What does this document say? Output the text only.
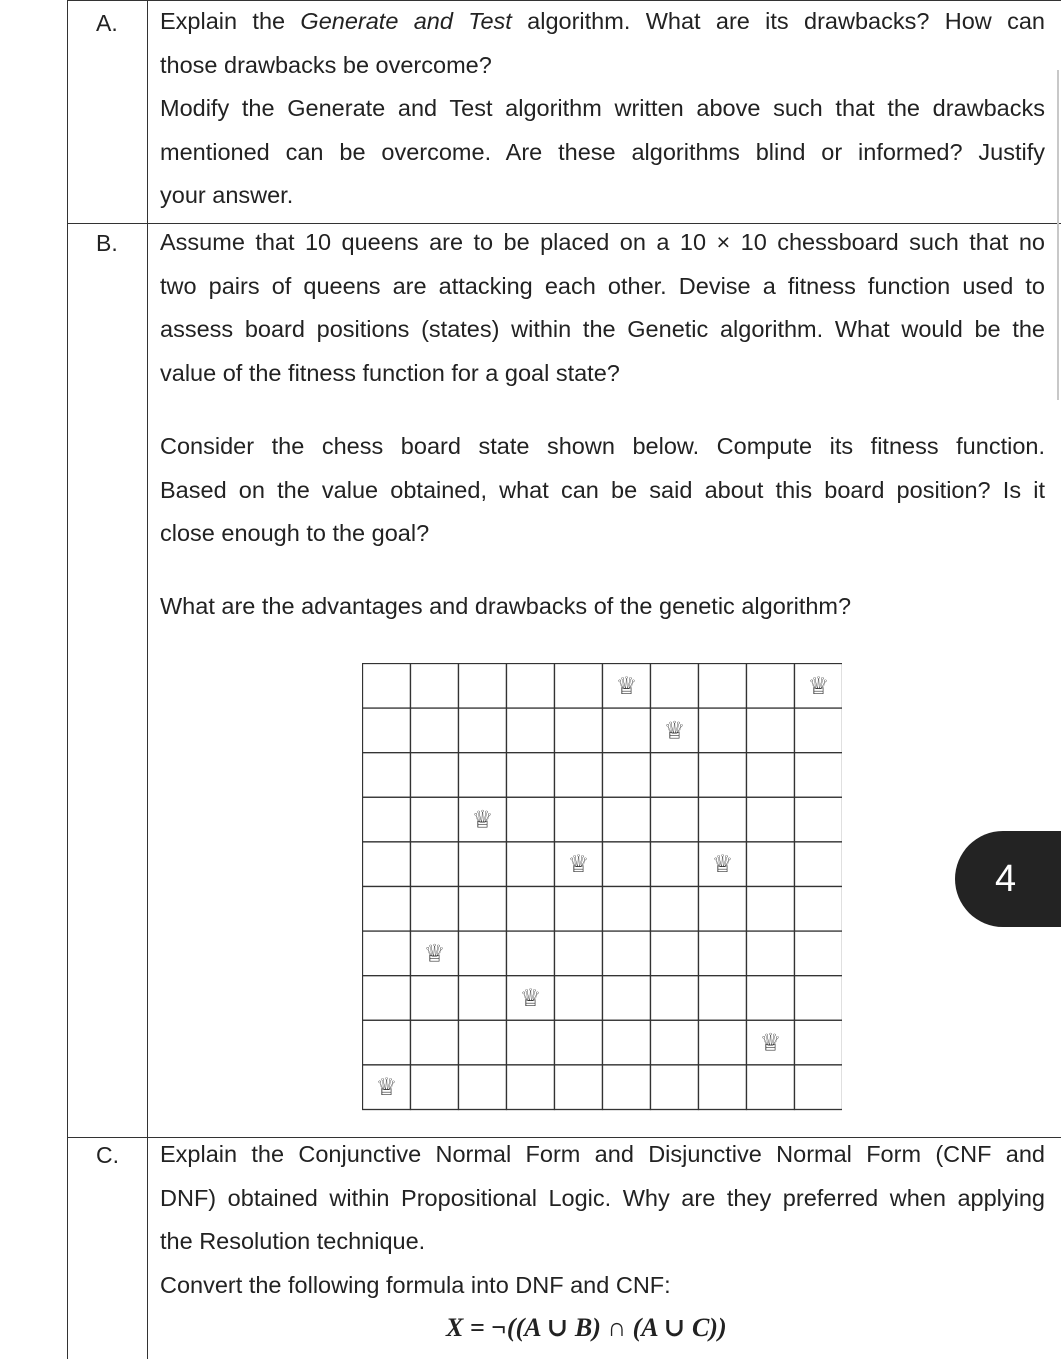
A. Explain the Generate and Test algorithm. What are its drawbacks? How can
those drawbacks be overcome?
Modify the Generate and Test algorithm written above such that the drawbacks
mentioned can be overcome. Are these algorithms blind or informed? Justify
your answer.
B. Assume that 10 queens are to be placed on a 10 × 10 chessboard such that no
two pairs of queens are attacking each other. Devise a fitness function used to
assess board positions (states) within the Genetic algorithm. What would be the
value of the fitness function for a goal state?
Consider the chess board state shown below. Compute its fitness function.
Based on the value obtained, what can be said about this board position? Is it
close enough to the goal?
What are the advantages and drawbacks of the genetic algorithm?
♕	♕
♕
♕
♕	♕
♕
♕
♕
♕
4
C. Explain the Conjunctive Normal Form and Disjunctive Normal Form (CNF and
DNF) obtained within Propositional Logic. Why are they preferred when applying
the Resolution technique.
Convert the following formula into DNF and CNF:
X = ¬((A ∪ B) ∩ (A ∪ C))
